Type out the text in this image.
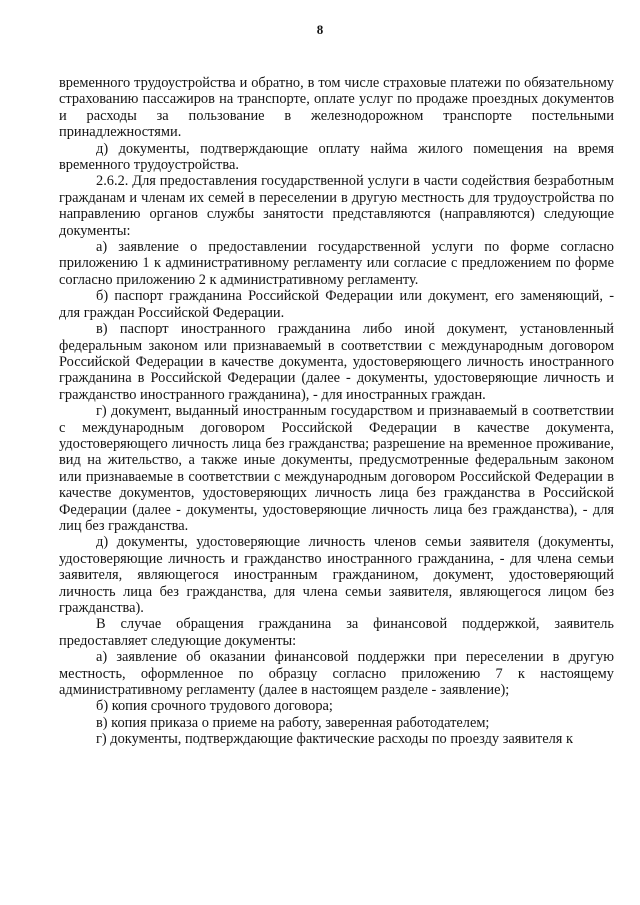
8

временного трудоустройства и обратно, в том числе страховые платежи по обязательному страхованию пассажиров на транспорте, оплате услуг по продаже проездных документов и расходы за пользование в железнодорожном транспорте постельными принадлежностями.

д) документы, подтверждающие оплату найма жилого помещения на время временного трудоустройства.

2.6.2. Для предоставления государственной услуги в части содействия безработным гражданам и членам их семей в переселении в другую местность для трудоустройства по направлению органов службы занятости представляются (направляются) следующие документы:

а) заявление о предоставлении государственной услуги по форме согласно приложению 1 к административному регламенту или согласие с предложением по форме согласно приложению 2 к административному регламенту.

б) паспорт гражданина Российской Федерации или документ, его заменяющий, - для граждан Российской Федерации.

в) паспорт иностранного гражданина либо иной документ, установленный федеральным законом или признаваемый в соответствии с международным договором Российской Федерации в качестве документа, удостоверяющего личность иностранного гражданина в Российской Федерации (далее - документы, удостоверяющие личность и гражданство иностранного гражданина), - для иностранных граждан.

г) документ, выданный иностранным государством и признаваемый в соответствии с международным договором Российской Федерации в качестве документа, удостоверяющего личность лица без гражданства; разрешение на временное проживание, вид на жительство, а также иные документы, предусмотренные федеральным законом или признаваемые в соответствии с международным договором Российской Федерации в качестве документов, удостоверяющих личность лица без гражданства в Российской Федерации (далее - документы, удостоверяющие личность лица без гражданства), - для лиц без гражданства.

д) документы, удостоверяющие личность членов семьи заявителя (документы, удостоверяющие личность и гражданство иностранного гражданина, - для члена семьи заявителя, являющегося иностранным гражданином, документ, удостоверяющий личность лица без гражданства, для члена семьи заявителя, являющегося лицом без гражданства).

В случае обращения гражданина за финансовой поддержкой, заявитель предоставляет следующие документы:

а) заявление об оказании финансовой поддержки при переселении в другую местность, оформленное по образцу согласно приложению 7 к настоящему административному регламенту (далее в настоящем разделе - заявление);

б) копия срочного трудового договора;

в) копия приказа о приеме на работу, заверенная работодателем;

г) документы, подтверждающие фактические расходы по проезду заявителя к
